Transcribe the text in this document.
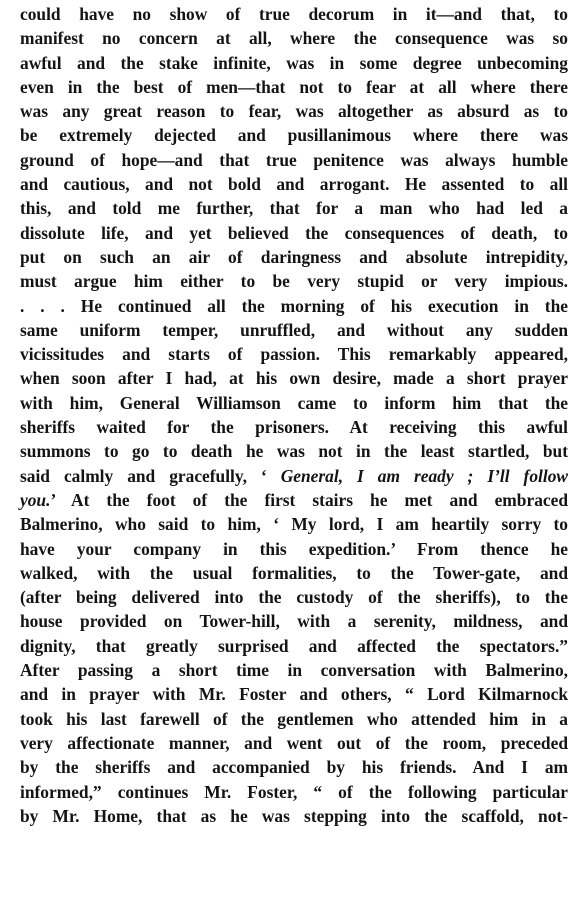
could have no show of true decorum in it—and that, to
manifest no concern at all, where the consequence was so
awful and the stake infinite, was in some degree unbecoming
even in the best of men—that not to fear at all where there
was any great reason to fear, was altogether as absurd as to
be extremely dejected and pusillanimous where there was
ground of hope—and that true penitence was always humble
and cautious, and not bold and arrogant. He assented to all
this, and told me further, that for a man who had led a
dissolute life, and yet believed the consequences of death, to
put on such an air of daringness and absolute intrepidity,
must argue him either to be very stupid or very impious.
. . . He continued all the morning of his execution in the
same uniform temper, unruffled, and without any sudden
vicissitudes and starts of passion. This remarkably appeared,
when soon after I had, at his own desire, made a short prayer
with him, General Williamson came to inform him that the
sheriffs waited for the prisoners. At receiving this awful
summons to go to death he was not in the least startled, but
said calmly and gracefully, ‘ General, I am ready ; I’ll follow
you.’ At the foot of the first stairs he met and embraced
Balmerino, who said to him, ‘ My lord, I am heartily sorry to
have your company in this expedition.’ From thence he
walked, with the usual formalities, to the Tower-gate, and
(after being delivered into the custody of the sheriffs), to the
house provided on Tower-hill, with a serenity, mildness, and
dignity, that greatly surprised and affected the spectators.”
After passing a short time in conversation with Balmerino,
and in prayer with Mr. Foster and others, “ Lord Kilmarnock
took his last farewell of the gentlemen who attended him in a
very affectionate manner, and went out of the room, preceded
by the sheriffs and accompanied by his friends. And I am
informed,” continues Mr. Foster, “ of the following particular
by Mr. Home, that as he was stepping into the scaffold, not-
